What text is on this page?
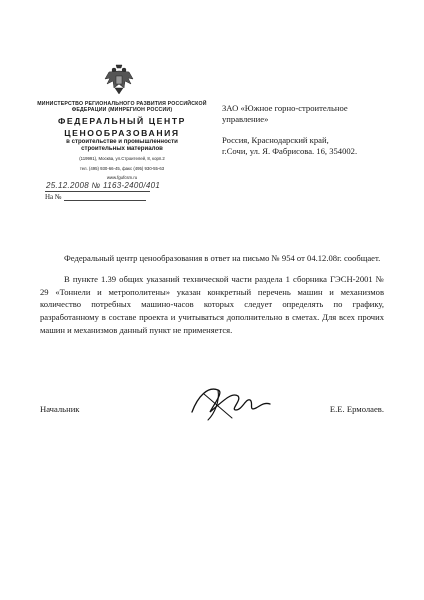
МИНИСТЕРСТВО РЕГИОНАЛЬНОГО РАЗВИТИЯ РОССИЙСКОЙ ФЕДЕРАЦИИ (МИНРЕГИОН РОССИИ)
ФЕДЕРАЛЬНЫЙ ЦЕНТР
ЦЕНООБРАЗОВАНИЯ
в строительстве и промышленности
строительных материалов
(119991), Москва, ул.Строителей, 8, корп.2
тел. (495) 930-66-45, факс (495) 930-55-63
www.fgufcsm.ru
25.12.2008 № 1163-2400/401
На №
ЗАО «Южное горно-строительное
управление»
Россия, Краснодарский край,
г.Сочи, ул. Я. Фабрисова. 16, 354002.

Федеральный центр ценообразования в ответ на письмо № 954 от 04.12.08г. сообщает.

В пункте 1.39 общих указаний технической части раздела 1 сборника ГЭСН-2001 № 29 «Тоннели и метрополитены» указан конкретный перечень машин и механизмов количество потребных машино-часов которых следует определять по графику, разработанному в составе проекта и учитываться дополнительно в сметах. Для всех прочих машин и механизмов данный пункт не применяется.

Начальник	Е.Е. Ермолаев.
